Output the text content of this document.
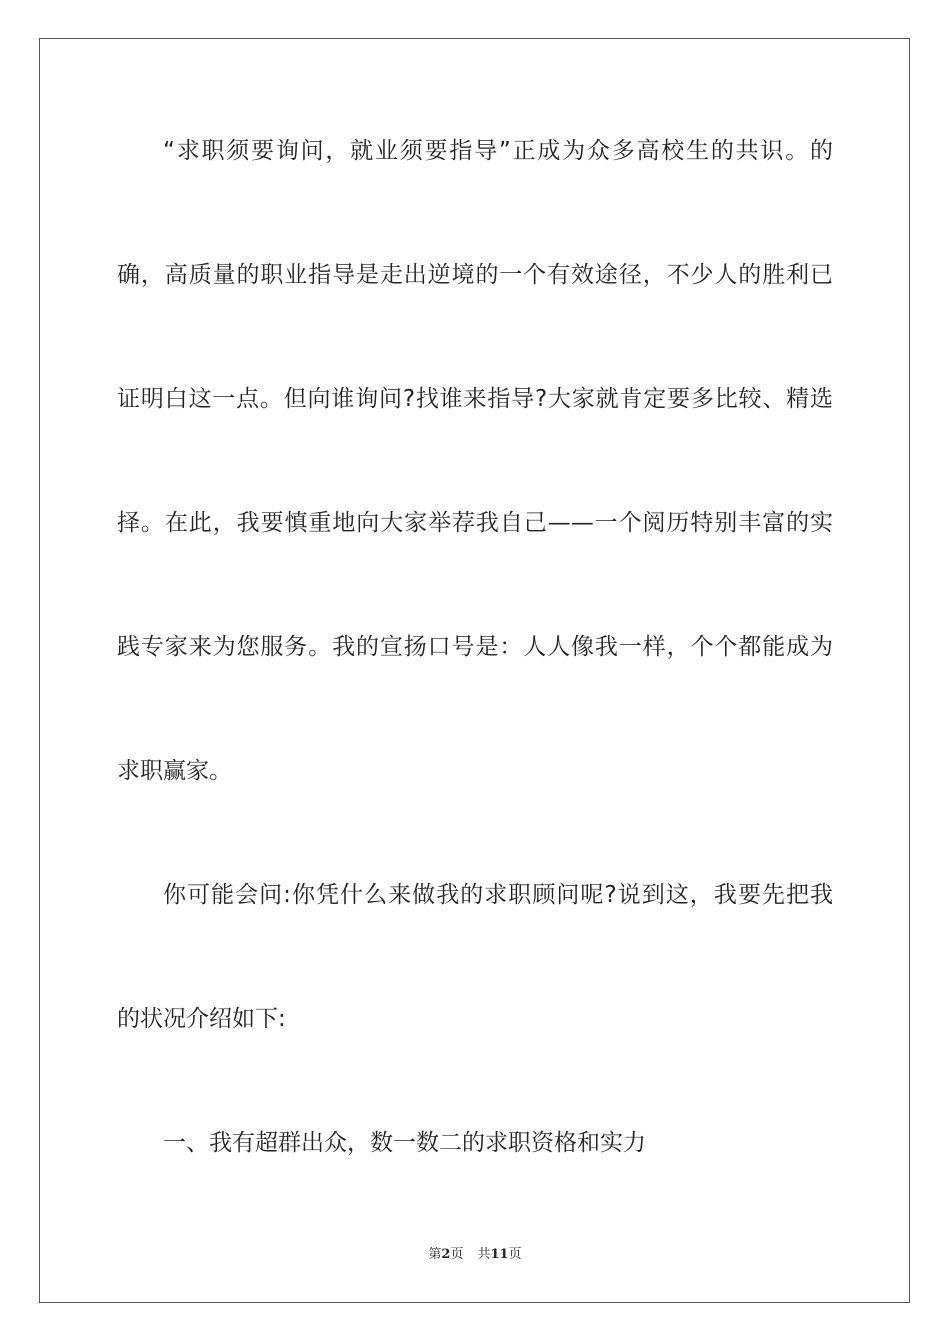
“求职须要询问，就业须要指导”正成为众多高校生的共识。的

确，高质量的职业指导是走出逆境的一个有效途径，不少人的胜利已

证明白这一点。但向谁询问?找谁来指导?大家就肯定要多比较、精选

择。在此，我要慎重地向大家举荐我自己——一个阅历特别丰富的实

践专家来为您服务。我的宣扬口号是：人人像我一样，个个都能成为

求职赢家。

你可能会问:你凭什么来做我的求职顾问呢?说到这，我要先把我

的状况介绍如下:

一、我有超群出众，数一数二的求职资格和实力

第2页 共11页
